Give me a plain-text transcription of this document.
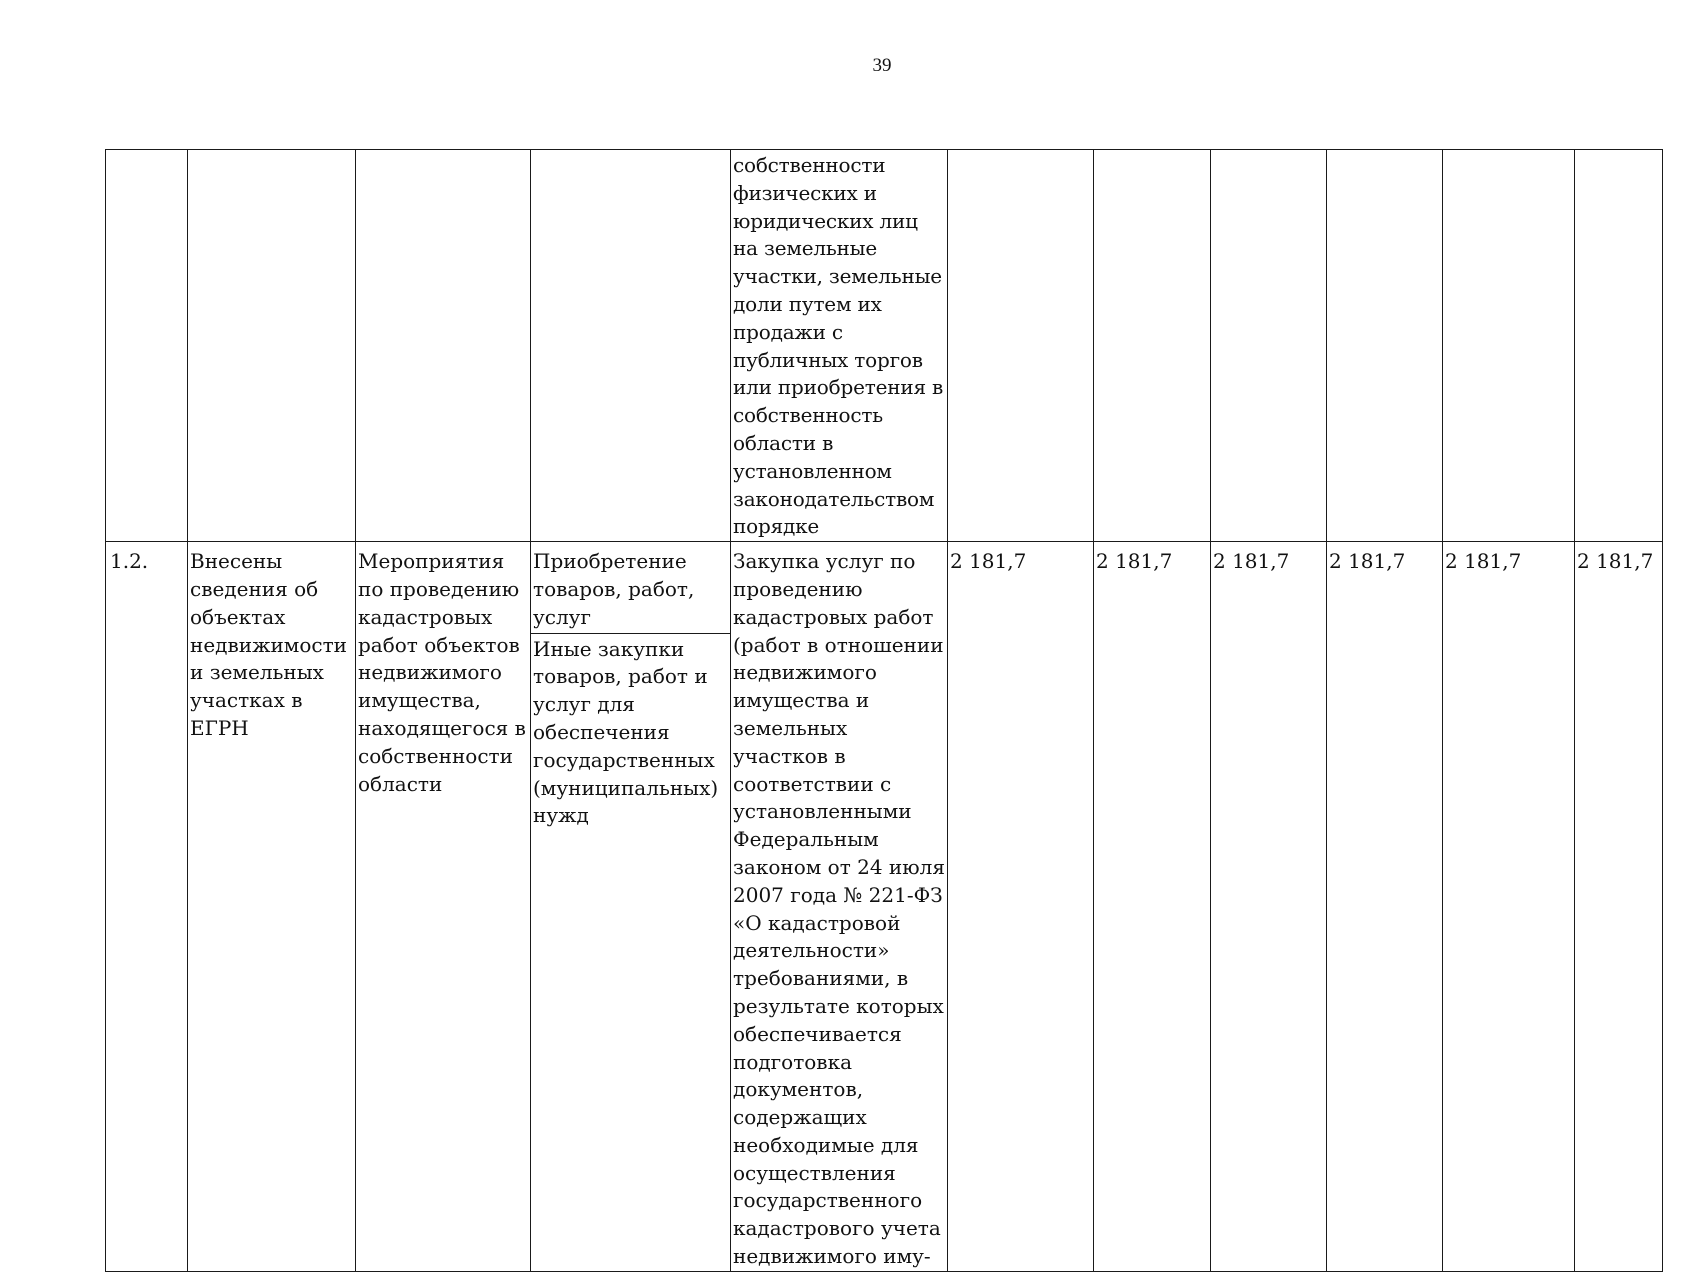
39

				собственности физических и юридических лиц на земельные участки, земельные доли путем их продажи с публичных торгов или приобретения в собственность области в установленном законодательством порядке						

1.2.	Внесены сведения об объектах недвижимости и земельных участках в ЕГРН	Мероприятия по проведению кадастровых работ объектов недвижимого имущества, находящегося в собственности области	Приобретение товаров, работ, услуг
Иные закупки товаров, работ и услуг для обеспечения государственных (муниципальных) нужд	Закупка услуг по проведению кадастровых работ (работ в отношении недвижимого имущества и земельных участков в соответствии с установленными Федеральным законом от 24 июля 2007 года № 221-ФЗ «О кадастровой деятельности» требованиями, в результате которых обеспечивается подготовка документов, содержащих необходимые для осуществления государственного кадастрового учета недвижимого иму-	2 181,7	2 181,7	2 181,7	2 181,7	2 181,7	2 181,7
